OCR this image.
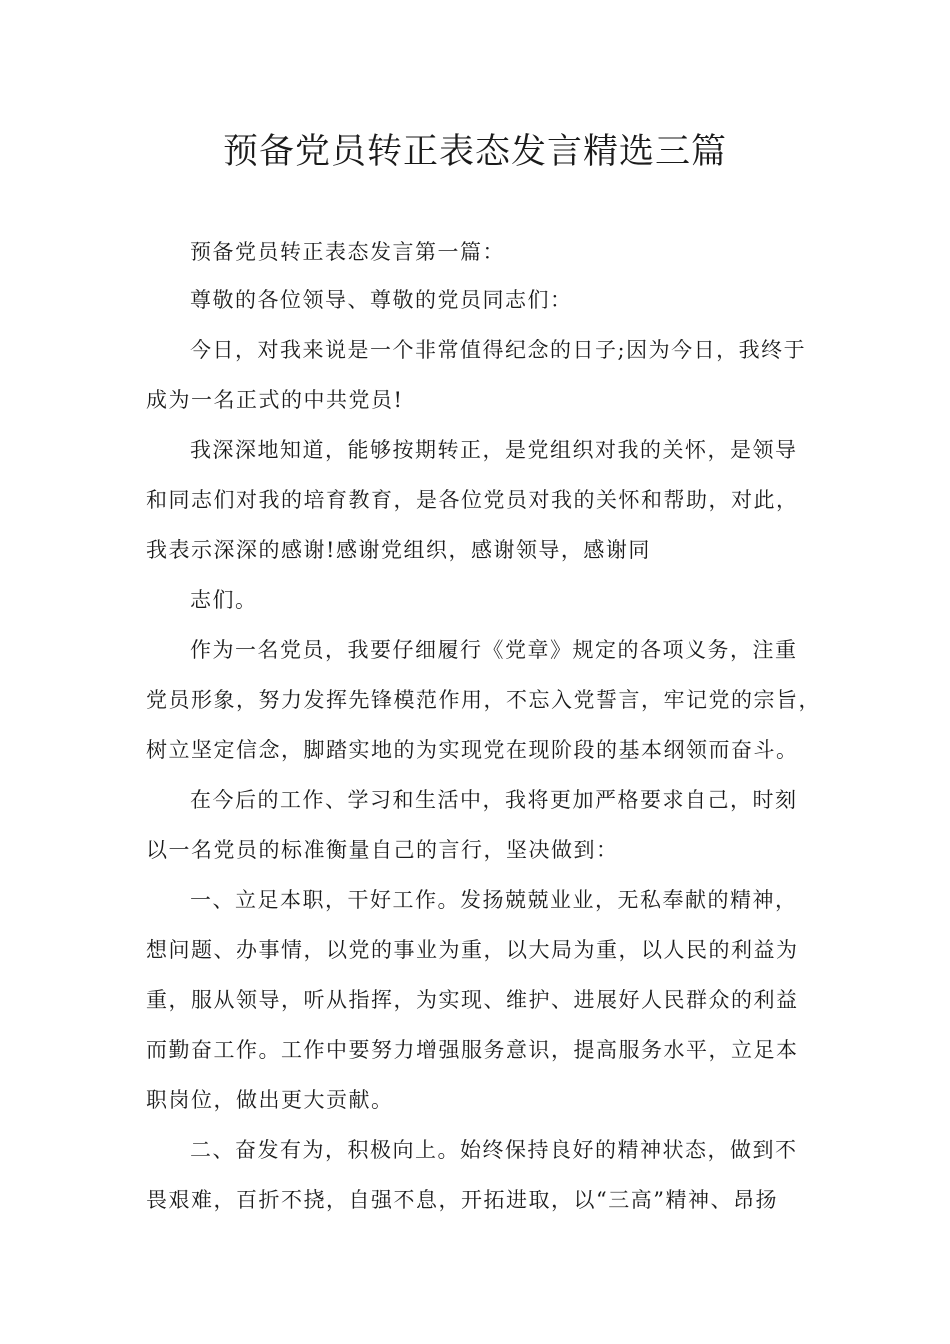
预备党员转正表态发言精选三篇
预备党员转正表态发言第一篇：
尊敬的各位领导、尊敬的党员同志们：
今日，对我来说是一个非常值得纪念的日子;因为今日，我终于
成为一名正式的中共党员!
我深深地知道，能够按期转正，是党组织对我的关怀，是领导
和同志们对我的培育教育，是各位党员对我的关怀和帮助，对此，
我表示深深的感谢!感谢党组织，感谢领导，感谢同
志们。
作为一名党员，我要仔细履行《党章》规定的各项义务，注重
党员形象，努力发挥先锋模范作用，不忘入党誓言，牢记党的宗旨，
树立坚定信念，脚踏实地的为实现党在现阶段的基本纲领而奋斗。
在今后的工作、学习和生活中，我将更加严格要求自己，时刻
以一名党员的标准衡量自己的言行，坚决做到：
一、立足本职，干好工作。发扬兢兢业业，无私奉献的精神，
想问题、办事情，以党的事业为重，以大局为重，以人民的利益为
重，服从领导，听从指挥，为实现、维护、进展好人民群众的利益
而勤奋工作。工作中要努力增强服务意识，提高服务水平，立足本
职岗位，做出更大贡献。
二、奋发有为，积极向上。始终保持良好的精神状态，做到不
畏艰难，百折不挠，自强不息，开拓进取，以“三高”精神、昂扬
